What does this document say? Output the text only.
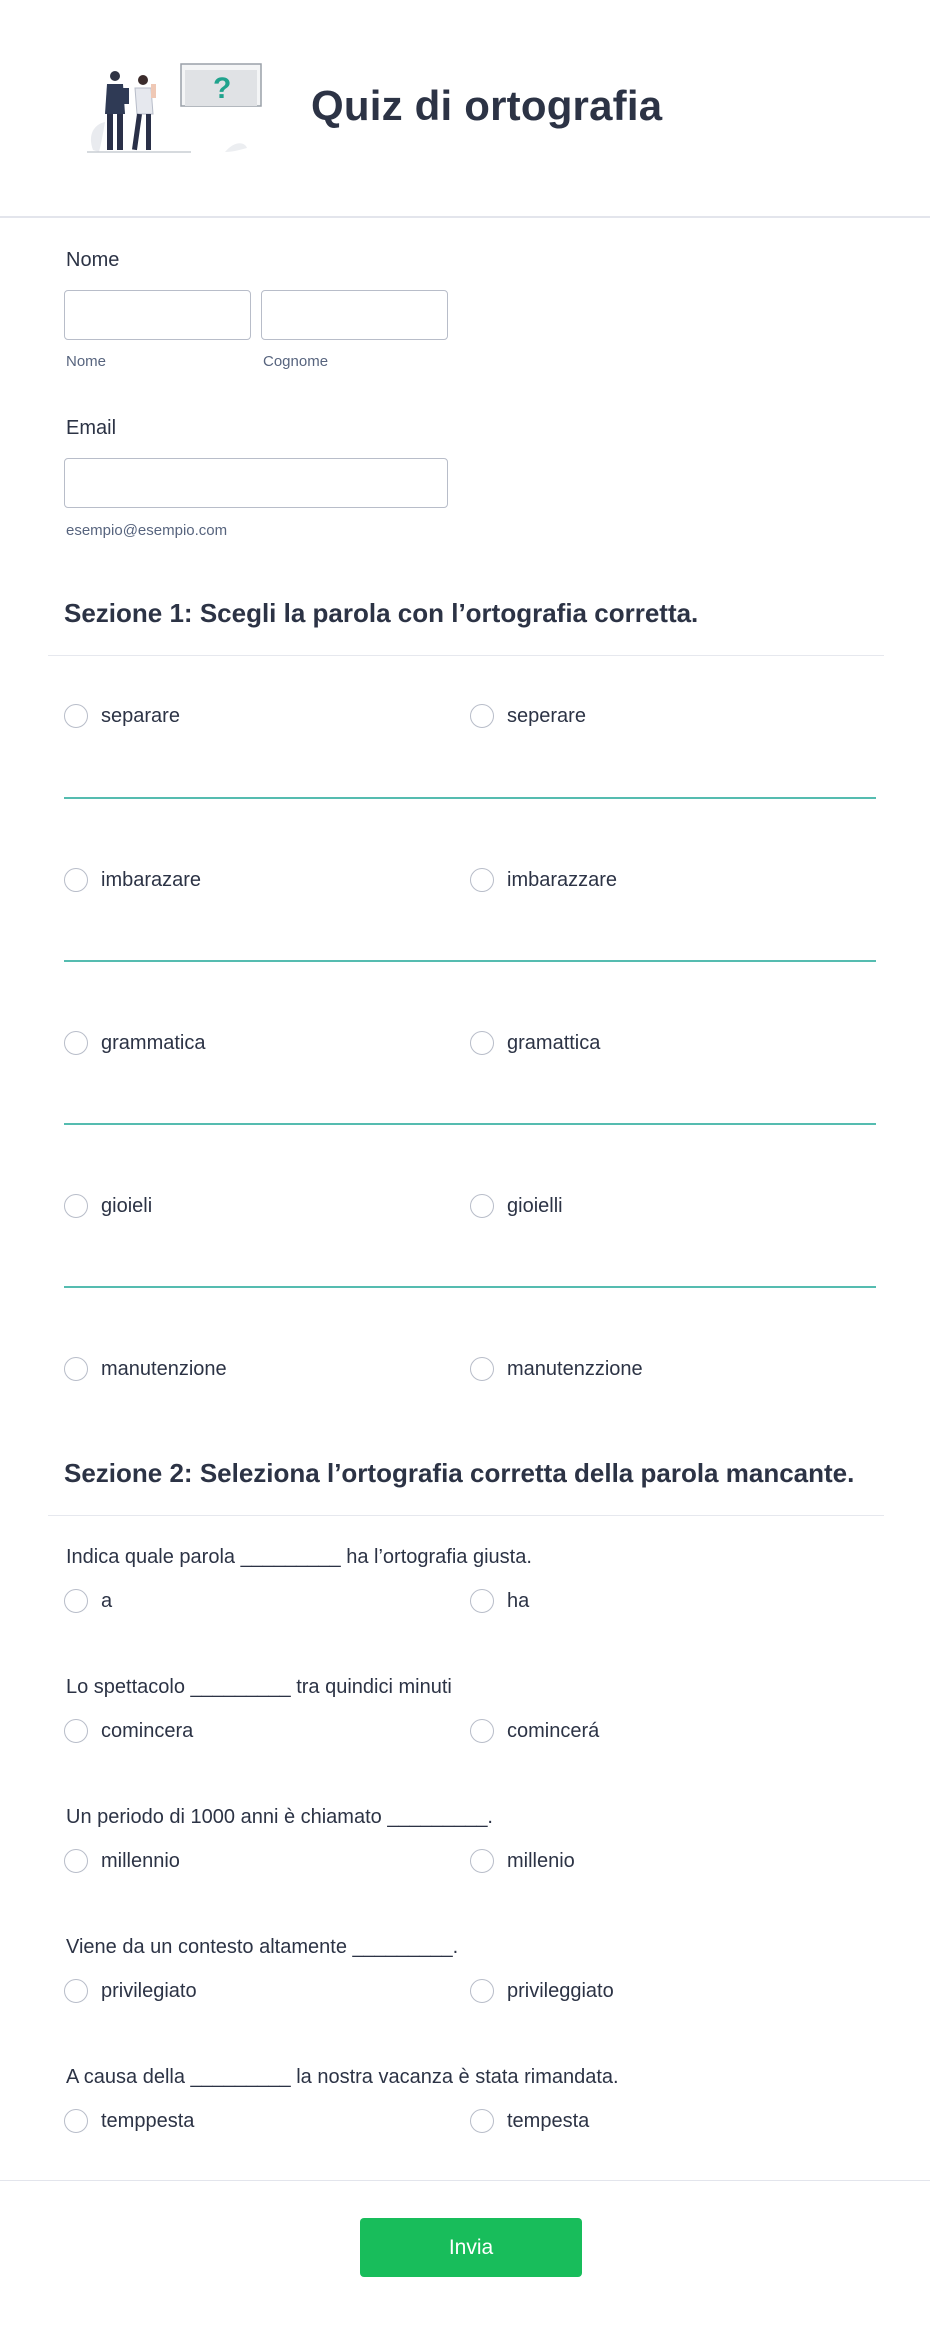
? Quiz di ortografia
Nome
Nome	Cognome
Email
esempio@esempio.com
Sezione 1: Scegli la parola con l’ortografia corretta.
separare	seperare
imbarazare	imbarazzare
grammatica	gramattica
gioieli	gioielli
manutenzione	manutenzzione
Sezione 2: Seleziona l’ortografia corretta della parola mancante.
Indica quale parola _________ ha l’ortografia giusta.
a	ha
Lo spettacolo _________ tra quindici minuti
comincera	comincerá
Un periodo di 1000 anni è chiamato _________.
millennio	millenio
Viene da un contesto altamente _________.
privilegiato	privileggiato
A causa della _________ la nostra vacanza è stata rimandata.
temppesta	tempesta
Invia
